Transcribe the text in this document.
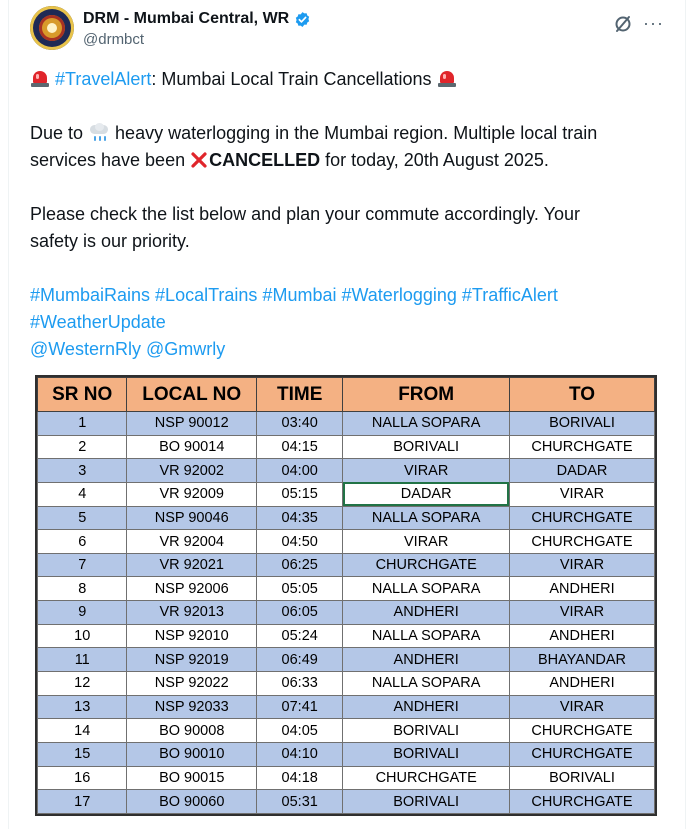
DRM - Mumbai Central, WR
@drmbct
···

#TravelAlert: Mumbai Local Train Cancellations

Due to
heavy waterlogging in the Mumbai region. Multiple local train

services have been CANCELLED for today, 20th August 2025.

Please check the list below and plan your commute accordingly. Your

safety is our priority.

#MumbaiRains #LocalTrains #Mumbai #Waterlogging #TrafficAlert

#WeatherUpdate

@WesternRly @Gmwrly

SR NO	LOCAL NO	TIME	FROM	TO
1	NSP 90012	03:40	NALLA SOPARA	BORIVALI
2	BO 90014	04:15	BORIVALI	CHURCHGATE
3	VR 92002	04:00	VIRAR	DADAR
4	VR 92009	05:15	DADAR	VIRAR
5	NSP 90046	04:35	NALLA SOPARA	CHURCHGATE
6	VR 92004	04:50	VIRAR	CHURCHGATE
7	VR 92021	06:25	CHURCHGATE	VIRAR
8	NSP 92006	05:05	NALLA SOPARA	ANDHERI
9	VR 92013	06:05	ANDHERI	VIRAR
10	NSP 92010	05:24	NALLA SOPARA	ANDHERI
11	NSP 92019	06:49	ANDHERI	BHAYANDAR
12	NSP 92022	06:33	NALLA SOPARA	ANDHERI
13	NSP 92033	07:41	ANDHERI	VIRAR
14	BO 90008	04:05	BORIVALI	CHURCHGATE
15	BO 90010	04:10	BORIVALI	CHURCHGATE
16	BO 90015	04:18	CHURCHGATE	BORIVALI
17	BO 90060	05:31	BORIVALI	CHURCHGATE
